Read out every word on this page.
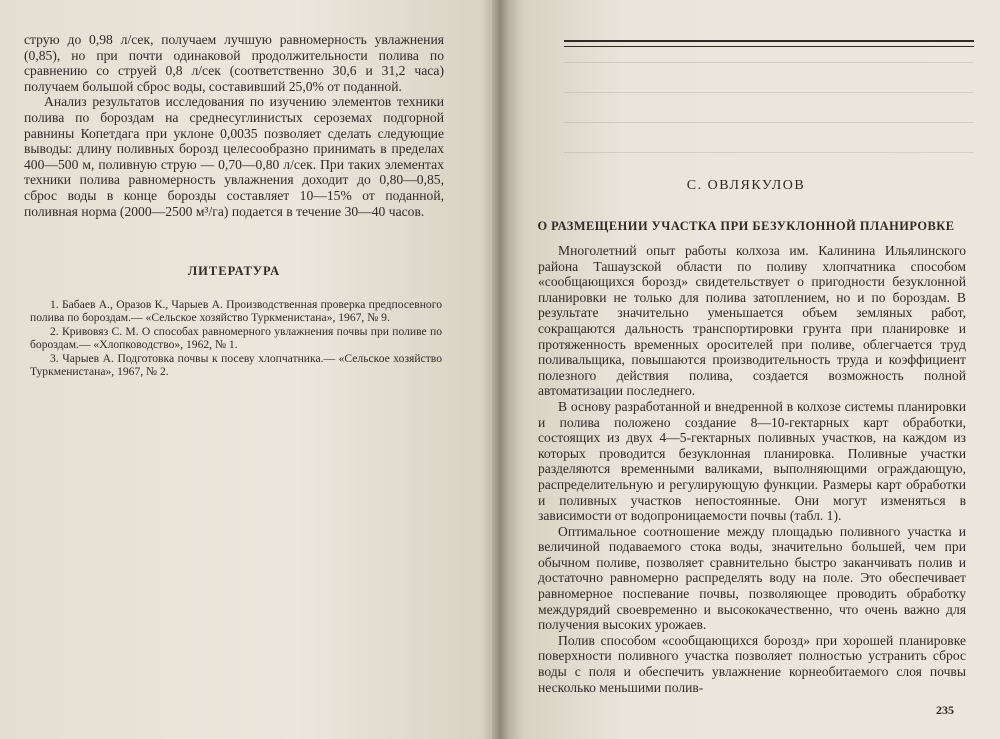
струю до 0,98 л/сек, получаем лучшую равномерность увлажнения (0,85), но при почти одинаковой продолжительности полива по сравнению со струей 0,8 л/сек (соответственно 30,6 и 31,2 часа) получаем большой сброс воды, составивший 25,0% от поданной.

Анализ результатов исследования по изучению элементов техники полива по бороздам на среднесуглинистых сероземах подгорной равнины Копетдага при уклоне 0,0035 позволяет сделать следующие выводы: длину поливных борозд целесообразно принимать в пределах 400—500 м, поливную струю — 0,70—0,80 л/сек. При таких элементах техники полива равномерность увлажнения доходит до 0,80—0,85, сброс воды в конце борозды составляет 10—15% от поданной, поливная норма (2000—2500 м³/га) подается в течение 30—40 часов.

ЛИТЕРАТУРА

1. Бабаев А., Оразов К., Чарыев А. Производственная проверка предпосевного полива по бороздам.— «Сельское хозяйство Туркменистана», 1967, № 9.

2. Кривовяз С. М. О способах равномерного увлажнения почвы при поливе по бороздам.— «Хлопководство», 1962, № 1.

3. Чарыев А. Подготовка почвы к посеву хлопчатника.— «Сельское хозяйство Туркменистана», 1967, № 2.

С. ОВЛЯКУЛОВ
О РАЗМЕЩЕНИИ УЧАСТКА ПРИ БЕЗУКЛОННОЙ ПЛАНИРОВКЕ

Многолетний опыт работы колхоза им. Калинина Ильялинского района Ташаузской области по поливу хлопчатника способом «сообщающихся борозд» свидетельствует о пригодности безуклонной планировки не только для полива затоплением, но и по бороздам. В результате значительно уменьшается объем земляных работ, сокращаются дальность транспортировки грунта при планировке и протяженность временных оросителей при поливе, облегчается труд поливальщика, повышаются производительность труда и коэффициент полезного действия полива, создается возможность полной автоматизации последнего.

В основу разработанной и внедренной в колхозе системы планировки и полива положено создание 8—10-гектарных карт обработки, состоящих из двух 4—5-гектарных поливных участков, на каждом из которых проводится безуклонная планировка. Поливные участки разделяются временными валиками, выполняющими ограждающую, распределительную и регулирующую функции. Размеры карт обработки и поливных участков непостоянные. Они могут изменяться в зависимости от водопроницаемости почвы (табл. 1).

Оптимальное соотношение между площадью поливного участка и величиной подаваемого стока воды, значительно большей, чем при обычном поливе, позволяет сравнительно быстро заканчивать полив и достаточно равномерно распределять воду на поле. Это обеспечивает равномерное поспевание почвы, позволяющее проводить обработку междурядий своевременно и высококачественно, что очень важно для получения высоких урожаев.

Полив способом «сообщающихся борозд» при хорошей планировке поверхности поливного участка позволяет полностью устранить сброс воды с поля и обеспечить увлажнение корнеобитаемого слоя почвы несколько меньшими полив-

235
